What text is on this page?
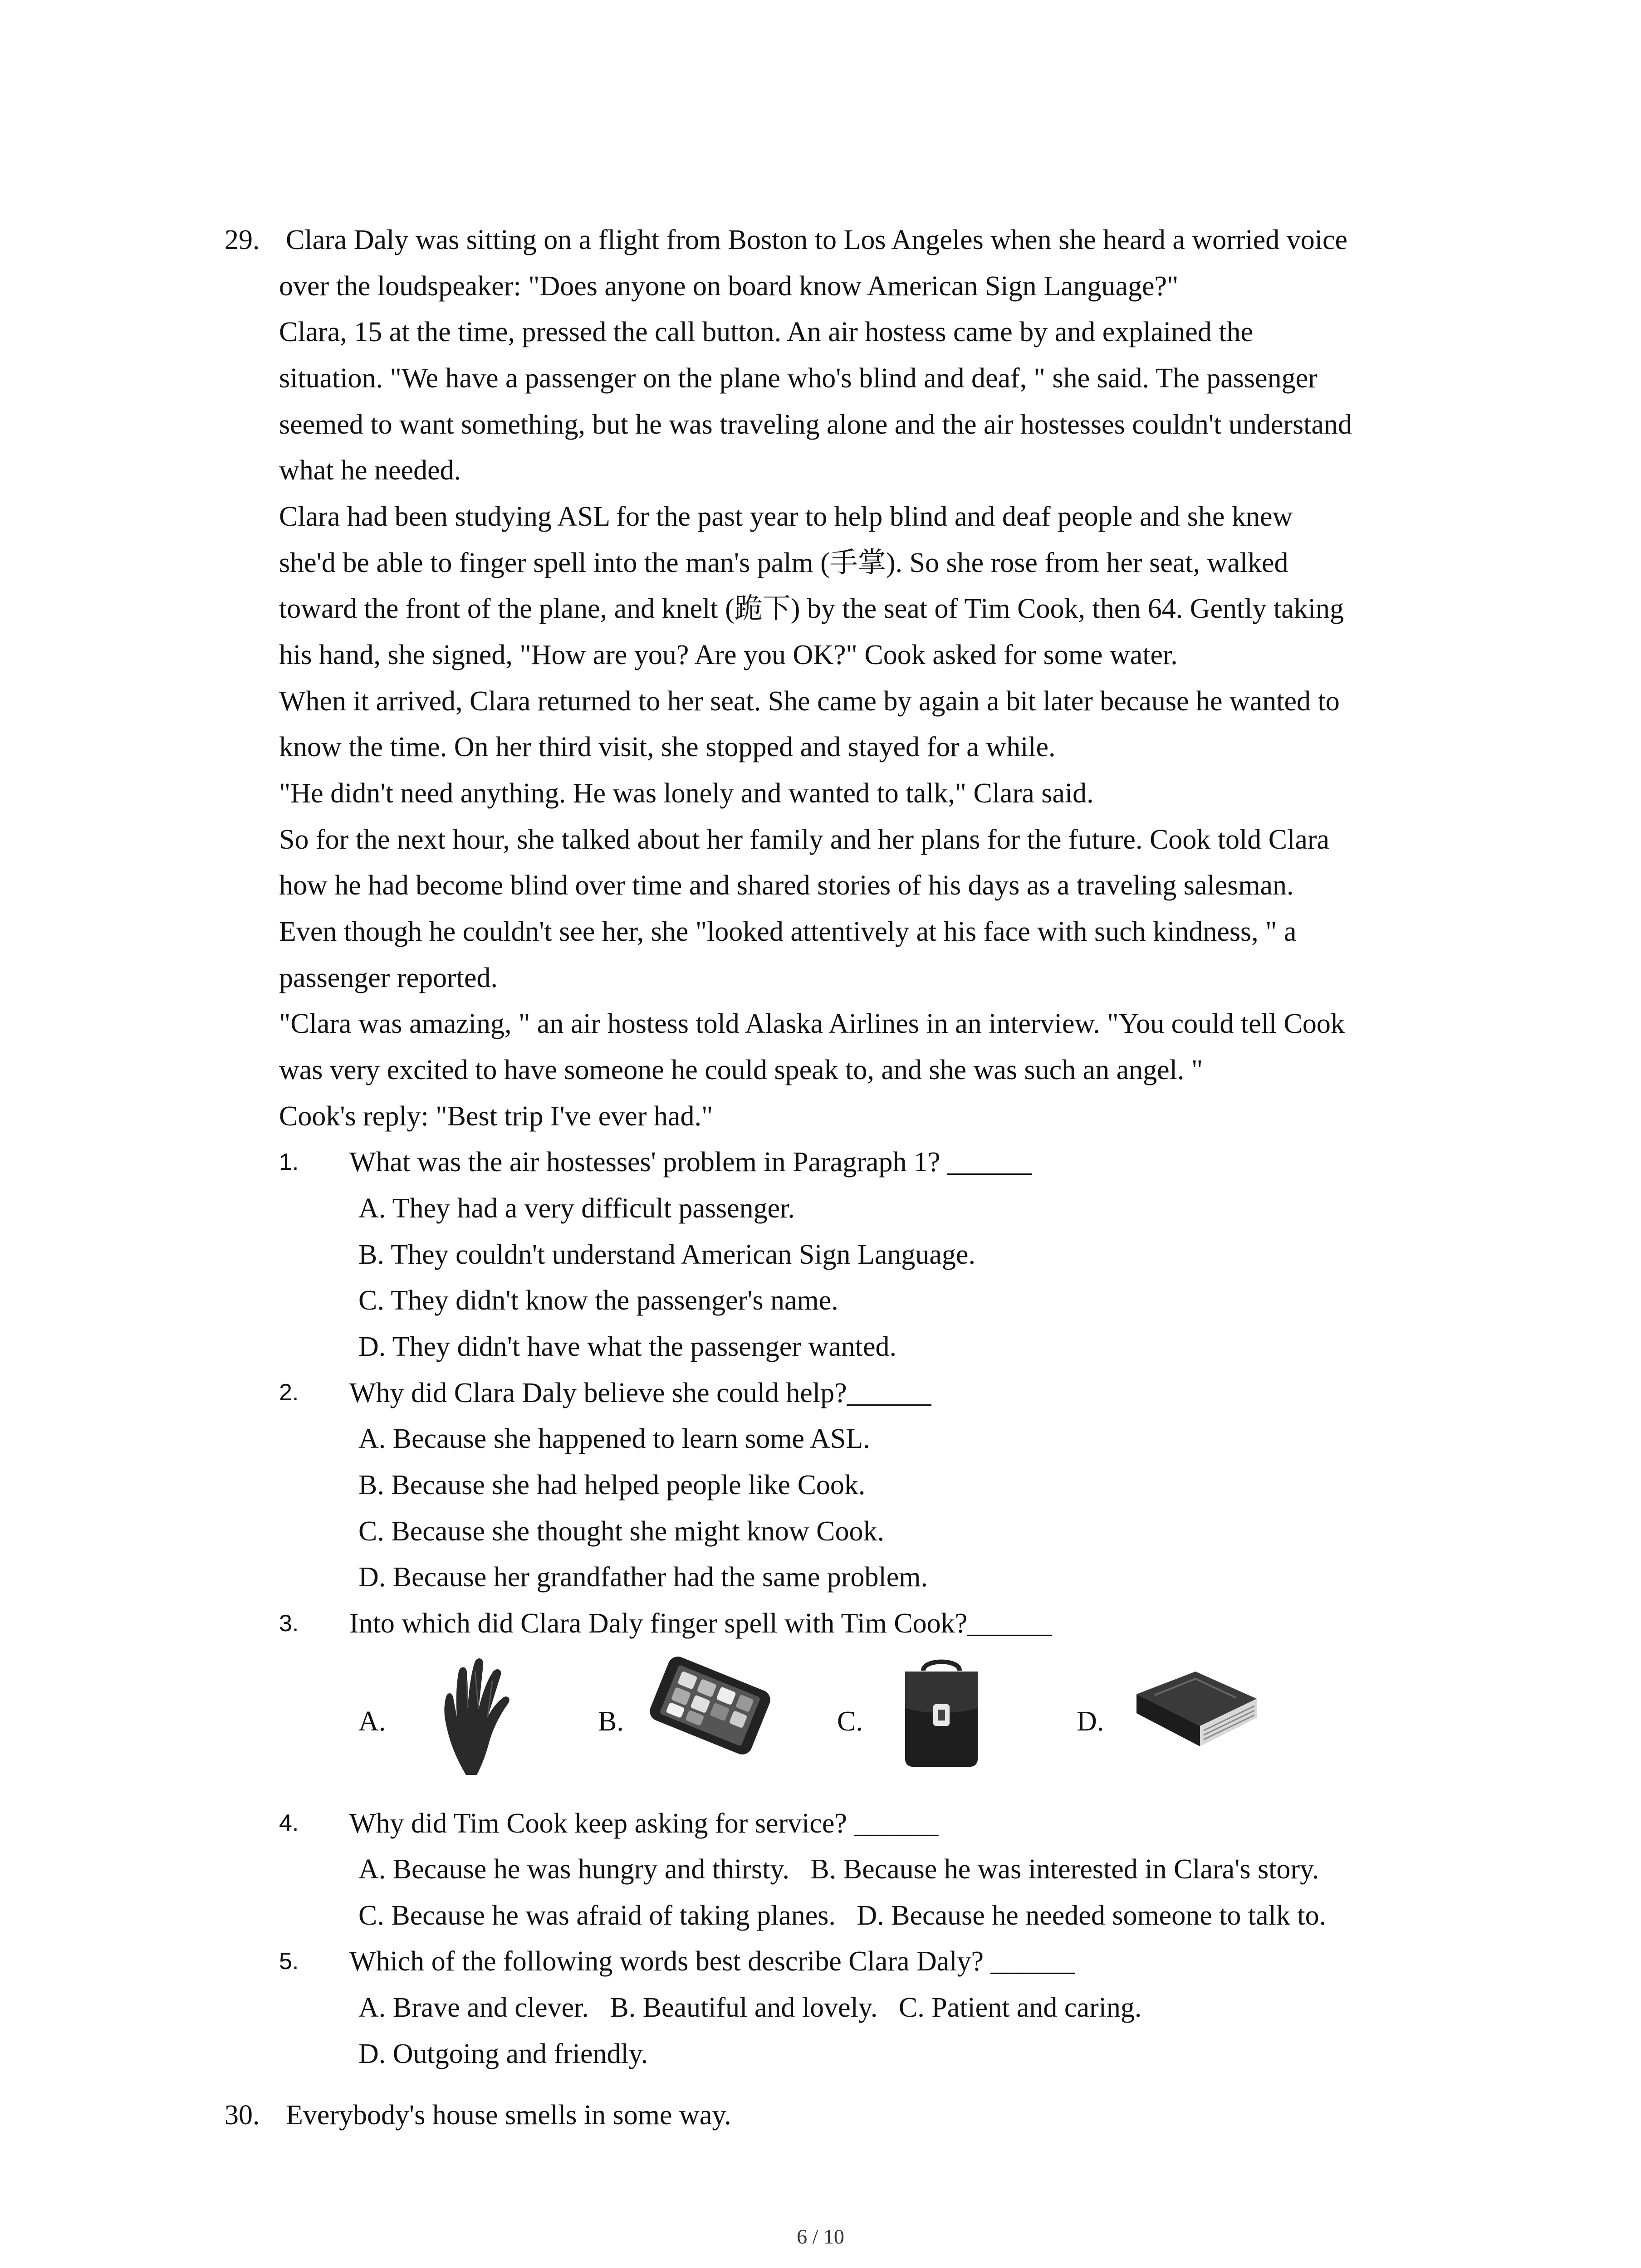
29. Clara Daly was sitting on a flight from Boston to Los Angeles when she heard a worried voice
over the loudspeaker: "Does anyone on board know American Sign Language?"
Clara, 15 at the time, pressed the call button. An air hostess came by and explained the
situation. "We have a passenger on the plane who's blind and deaf, " she said. The passenger
seemed to want something, but he was traveling alone and the air hostesses couldn't understand
what he needed.
Clara had been studying ASL for the past year to help blind and deaf people and she knew
she'd be able to finger spell into the man's palm (手掌). So she rose from her seat, walked
toward the front of the plane, and knelt (跪下) by the seat of Tim Cook, then 64. Gently taking
his hand, she signed, "How are you? Are you OK?" Cook asked for some water.
When it arrived, Clara returned to her seat. She came by again a bit later because he wanted to
know the time. On her third visit, she stopped and stayed for a while.
"He didn't need anything. He was lonely and wanted to talk," Clara said.
So for the next hour, she talked about her family and her plans for the future. Cook told Clara
how he had become blind over time and shared stories of his days as a traveling salesman.
Even though he couldn't see her, she "looked attentively at his face with such kindness, " a
passenger reported.
"Clara was amazing, " an air hostess told Alaska Airlines in an interview. "You could tell Cook
was very excited to have someone he could speak to, and she was such an angel. "
Cook's reply: "Best trip I've ever had."
1. What was the air hostesses' problem in Paragraph 1? ______
A. They had a very difficult passenger.
B. They couldn't understand American Sign Language.
C. They didn't know the passenger's name.
D. They didn't have what the passenger wanted.
2. Why did Clara Daly believe she could help?______
A. Because she happened to learn some ASL.
B. Because she had helped people like Cook.
C. Because she thought she might know Cook.
D. Because her grandfather had the same problem.
3. Into which did Clara Daly finger spell with Tim Cook?______
A.	B.	C.	D.
4. Why did Tim Cook keep asking for service? ______
A. Because he was hungry and thirsty.   B. Because he was interested in Clara's story.
C. Because he was afraid of taking planes.   D. Because he needed someone to talk to.
5. Which of the following words best describe Clara Daly? ______
A. Brave and clever.   B. Beautiful and lovely.   C. Patient and caring.
D. Outgoing and friendly.
30. Everybody's house smells in some way.
6 / 10
